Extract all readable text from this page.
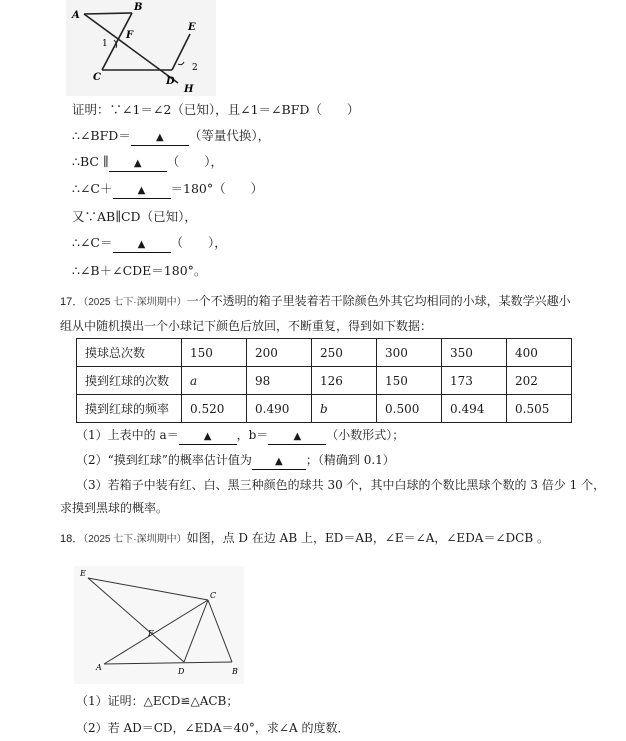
A
B
F
C	D
E
H
1
2
证明：∵∠1＝∠2（已知），且∠1＝∠BFD（　　）
∴∠BFD＝	▲ （等量代换），
∴BC ∥	▲ （　　），
∴∠C＋	▲ ＝180°（　　）
又∵AB∥CD（已知），
∴∠C＝	▲ （　　），
∴∠B＋∠CDE＝180°。
17．（2025 七下·深圳期中）一个不透明的箱子里装着若干除颜色外其它均相同的小球，某数学兴趣小
组从中随机摸出一个小球记下颜色后放回，不断重复，得到如下数据：
摸球总次数	150	200	250	300	350	400
摸到红球的次数	a	98	126	150	173	202
摸到红球的频率	0.520	0.490	b	0.500	0.494	0.505
（1）上表中的 a＝	▲ ，b＝	▲ （小数形式）；
（2）“摸到红球”的概率估计值为 ▲ ；（精确到 0.1）
（3）若箱子中装有红、白、黑三种颜色的球共 30 个，其中白球的个数比黑球个数的 3 倍少 1 个，
求摸到黑球的概率。
18．（2025 七下·深圳期中）如图，点 D 在边 AB 上，ED＝AB，∠E＝∠A，∠EDA＝∠DCB 。
E
C
F
A	D	B
（1）证明：△ECD≌△ACB；
（2）若 AD＝CD，∠EDA＝40°，求∠A 的度数．
